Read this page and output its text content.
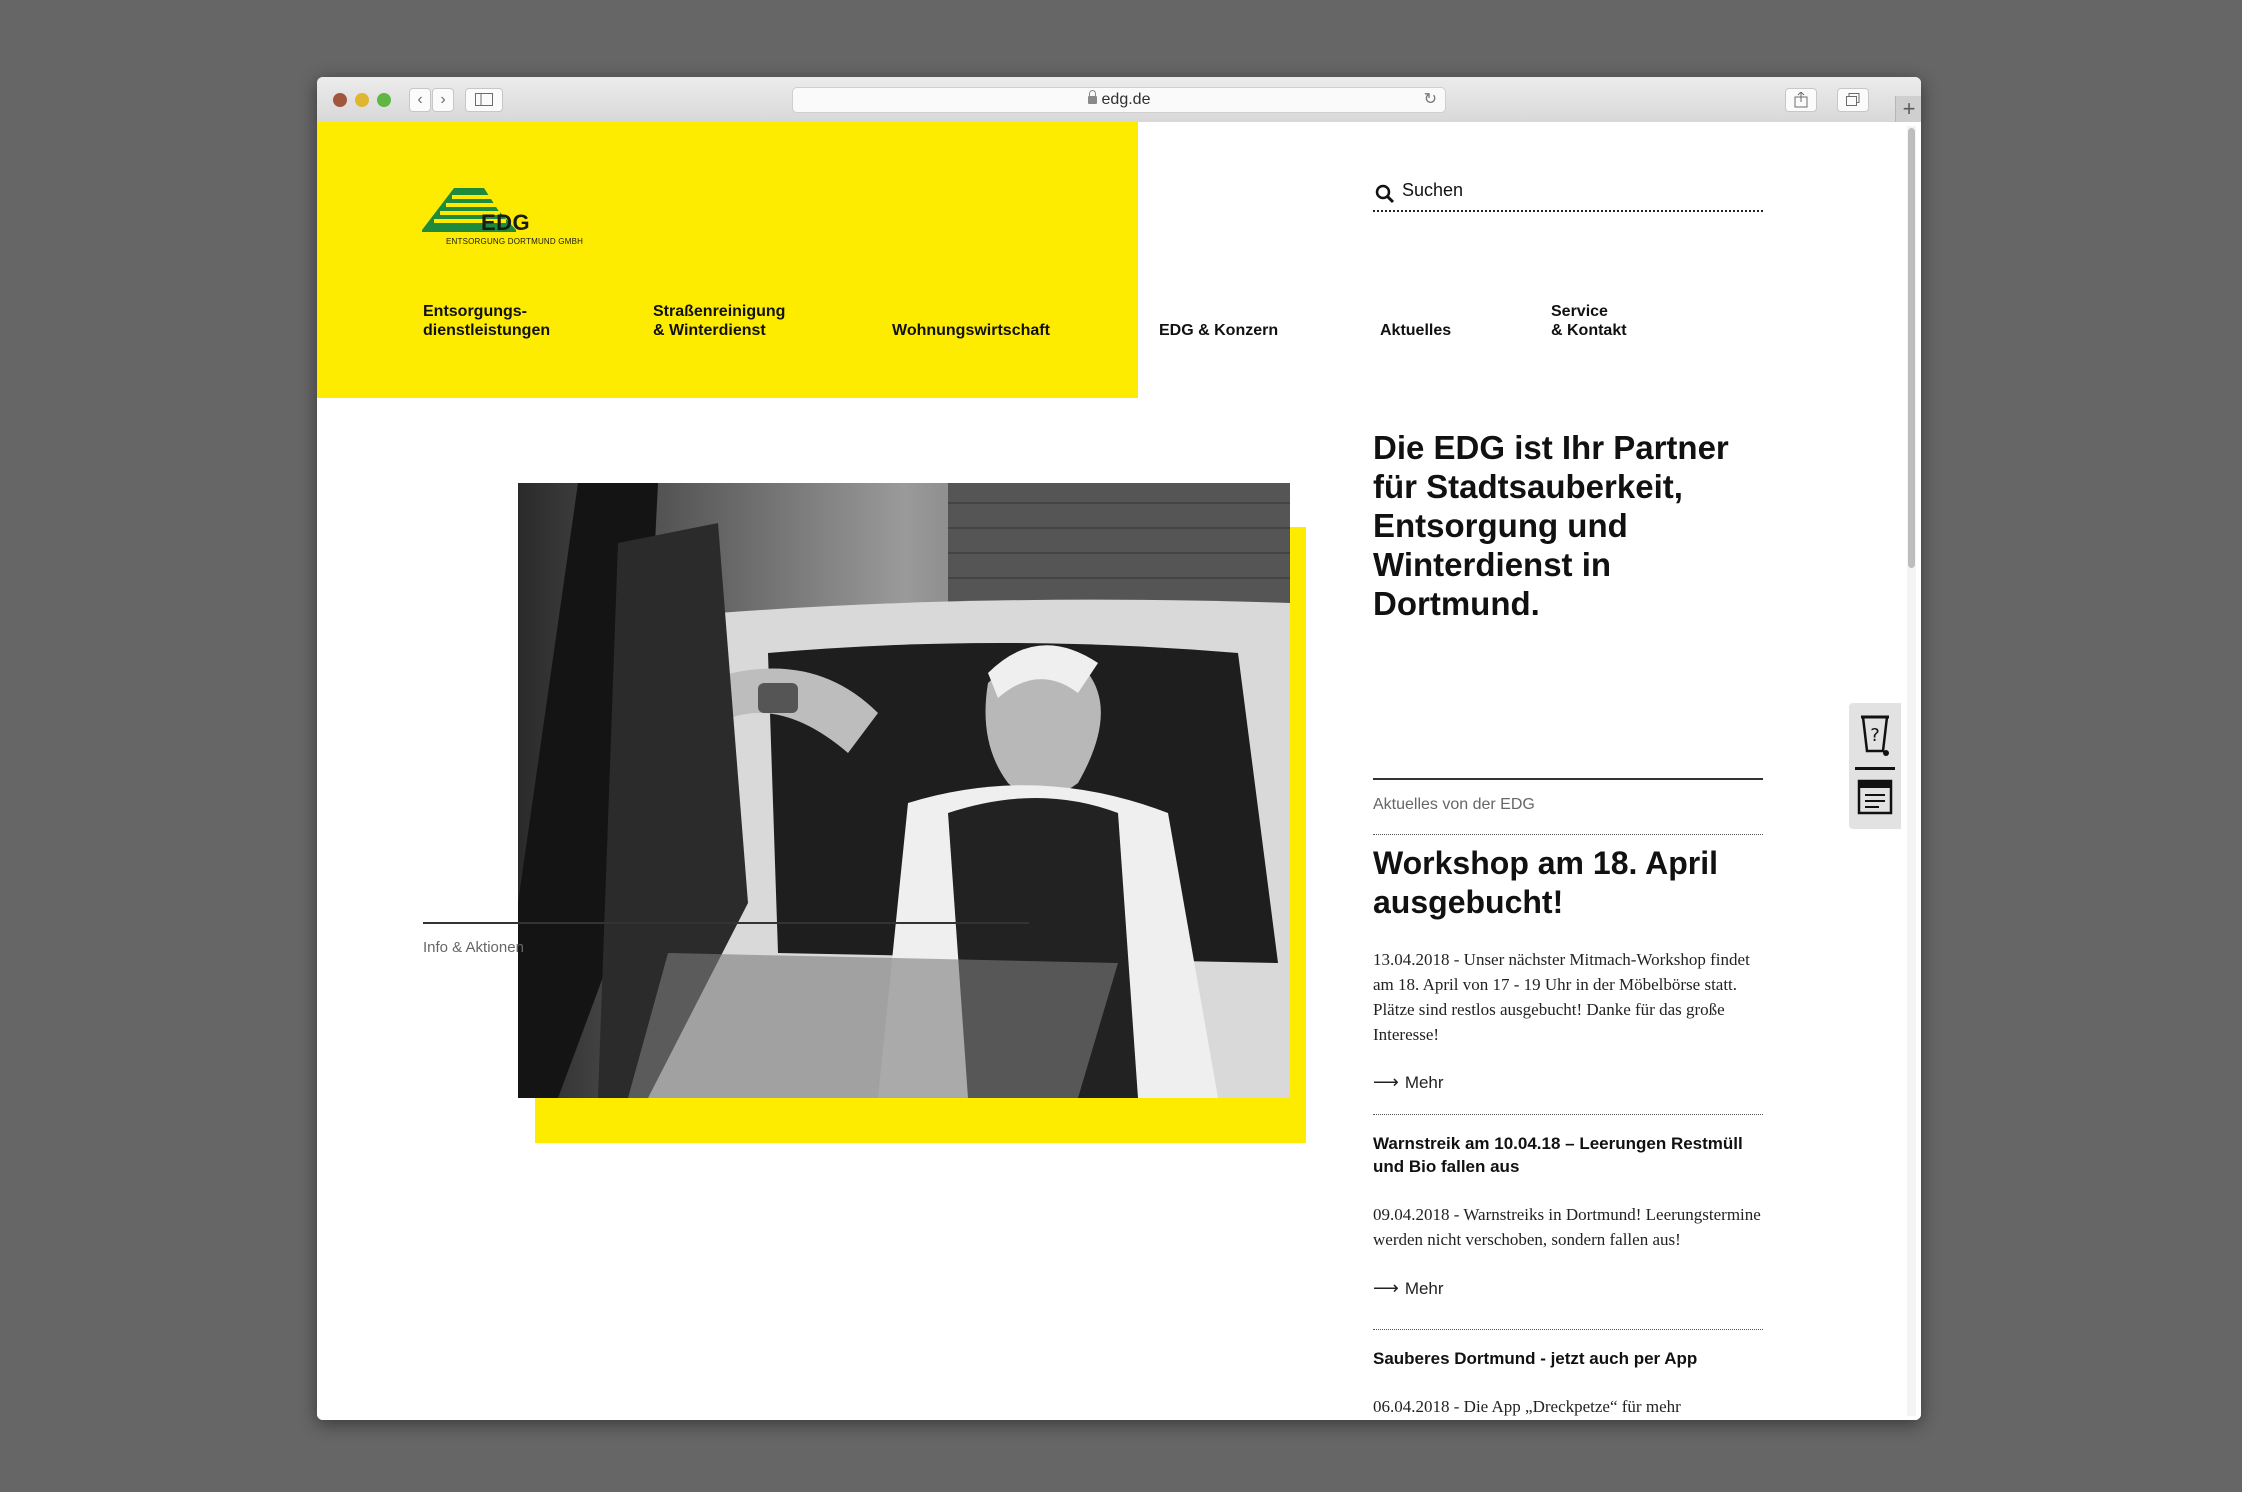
‹	›	edg.de	↻	+
EDG
ENTSORGUNG DORTMUND GMBH
Entsorgungs-
dienstleistungen
Straßenreinigung
& Winterdienst	Wohnungswirtschaft	EDG & Konzern	Aktuelles
Service
& Kontakt
Suchen
Die EDG ist Ihr Partner
für Stadtsauberkeit,
Entsorgung und
Winterdienst in
Dortmund.
Info & Aktionen
Aktuelles von der EDG
Workshop am 18. April ausgebucht!
13.04.2018 - Unser nächster Mitmach-Workshop findet am 18. April von 17 - 19 Uhr in der Möbelbörse statt. Plätze sind restlos ausgebucht! Danke für das große Interesse!
⟶ Mehr
Warnstreik am 10.04.18 – Leerungen Restmüll und Bio fallen aus
09.04.2018 - Warnstreiks in Dortmund! Leerungstermine werden nicht verschoben, sondern fallen aus!
⟶ Mehr
Sauberes Dortmund - jetzt auch per App
06.04.2018 - Die App „Dreckpetze“ für mehr
?
